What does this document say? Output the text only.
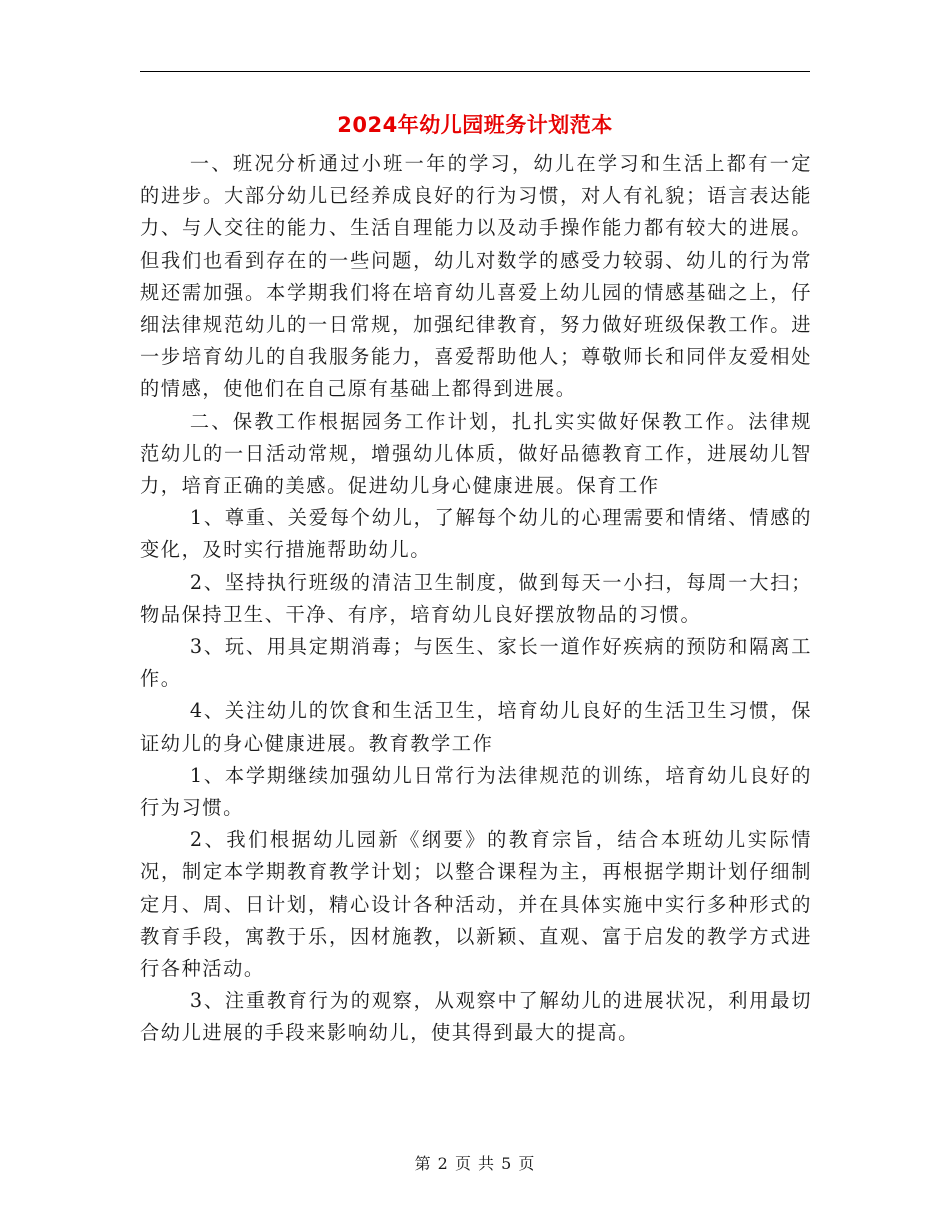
2024年幼儿园班务计划范本

一、班况分析通过小班一年的学习，幼儿在学习和生活上都有一定的进步。大部分幼儿已经养成良好的行为习惯，对人有礼貌；语言表达能力、与人交往的能力、生活自理能力以及动手操作能力都有较大的进展。但我们也看到存在的一些问题，幼儿对数学的感受力较弱、幼儿的行为常规还需加强。本学期我们将在培育幼儿喜爱上幼儿园的情感基础之上，仔细法律规范幼儿的一日常规，加强纪律教育，努力做好班级保教工作。进一步培育幼儿的自我服务能力，喜爱帮助他人；尊敬师长和同伴友爱相处的情感，使他们在自己原有基础上都得到进展。

二、保教工作根据园务工作计划，扎扎实实做好保教工作。法律规范幼儿的一日活动常规，增强幼儿体质，做好品德教育工作，进展幼儿智力，培育正确的美感。促进幼儿身心健康进展。保育工作

1、尊重、关爱每个幼儿，了解每个幼儿的心理需要和情绪、情感的变化，及时实行措施帮助幼儿。

2、坚持执行班级的清洁卫生制度，做到每天一小扫，每周一大扫；物品保持卫生、干净、有序，培育幼儿良好摆放物品的习惯。

3、玩、用具定期消毒；与医生、家长一道作好疾病的预防和隔离工作。

4、关注幼儿的饮食和生活卫生，培育幼儿良好的生活卫生习惯，保证幼儿的身心健康进展。教育教学工作

1、本学期继续加强幼儿日常行为法律规范的训练，培育幼儿良好的行为习惯。

2、我们根据幼儿园新《纲要》的教育宗旨，结合本班幼儿实际情况，制定本学期教育教学计划；以整合课程为主，再根据学期计划仔细制定月、周、日计划，精心设计各种活动，并在具体实施中实行多种形式的教育手段，寓教于乐，因材施教，以新颖、直观、富于启发的教学方式进行各种活动。

3、注重教育行为的观察，从观察中了解幼儿的进展状况，利用最切合幼儿进展的手段来影响幼儿，使其得到最大的提高。

第 2 页 共 5 页
